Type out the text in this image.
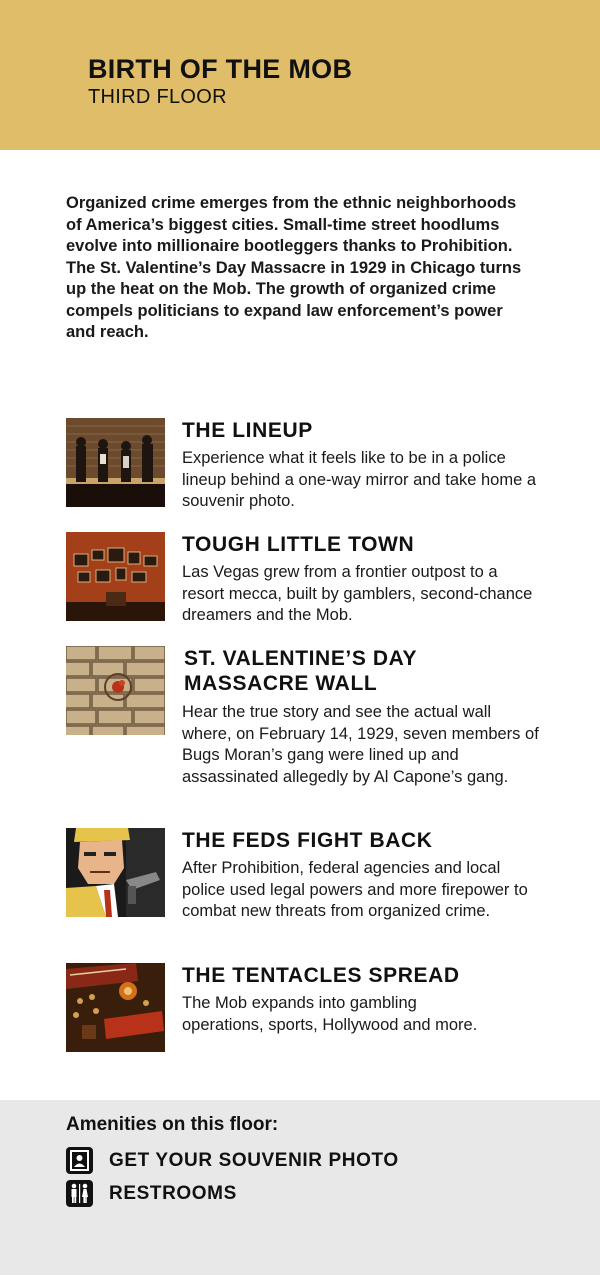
BIRTH OF THE MOB
THIRD FLOOR

Organized crime emerges from the ethnic neighborhoods of America’s biggest cities. Small-time street hoodlums evolve into millionaire bootleggers thanks to Prohibition. The St. Valentine’s Day Massacre in 1929 in Chicago turns up the heat on the Mob. The growth of organized crime compels politicians to expand law enforcement’s power and reach.

THE LINEUP

Experience what it feels like to be in a police lineup behind a one-way mirror and take home a souvenir photo.

TOUGH LITTLE TOWN

Las Vegas grew from a frontier outpost to a resort mecca, built by gamblers, second-chance dreamers and the Mob.

ST. VALENTINE’S DAY MASSACRE WALL

Hear the true story and see the actual wall where, on February 14, 1929, seven members of Bugs Moran’s gang were lined up and assassinated allegedly by Al Capone’s gang.

THE FEDS FIGHT BACK

After Prohibition, federal agencies and local police used legal powers and more firepower to combat new threats from organized crime.

THE TENTACLES SPREAD

The Mob expands into gambling operations, sports, Hollywood and more.

Amenities on this floor:
GET YOUR SOUVENIR PHOTO
RESTROOMS
